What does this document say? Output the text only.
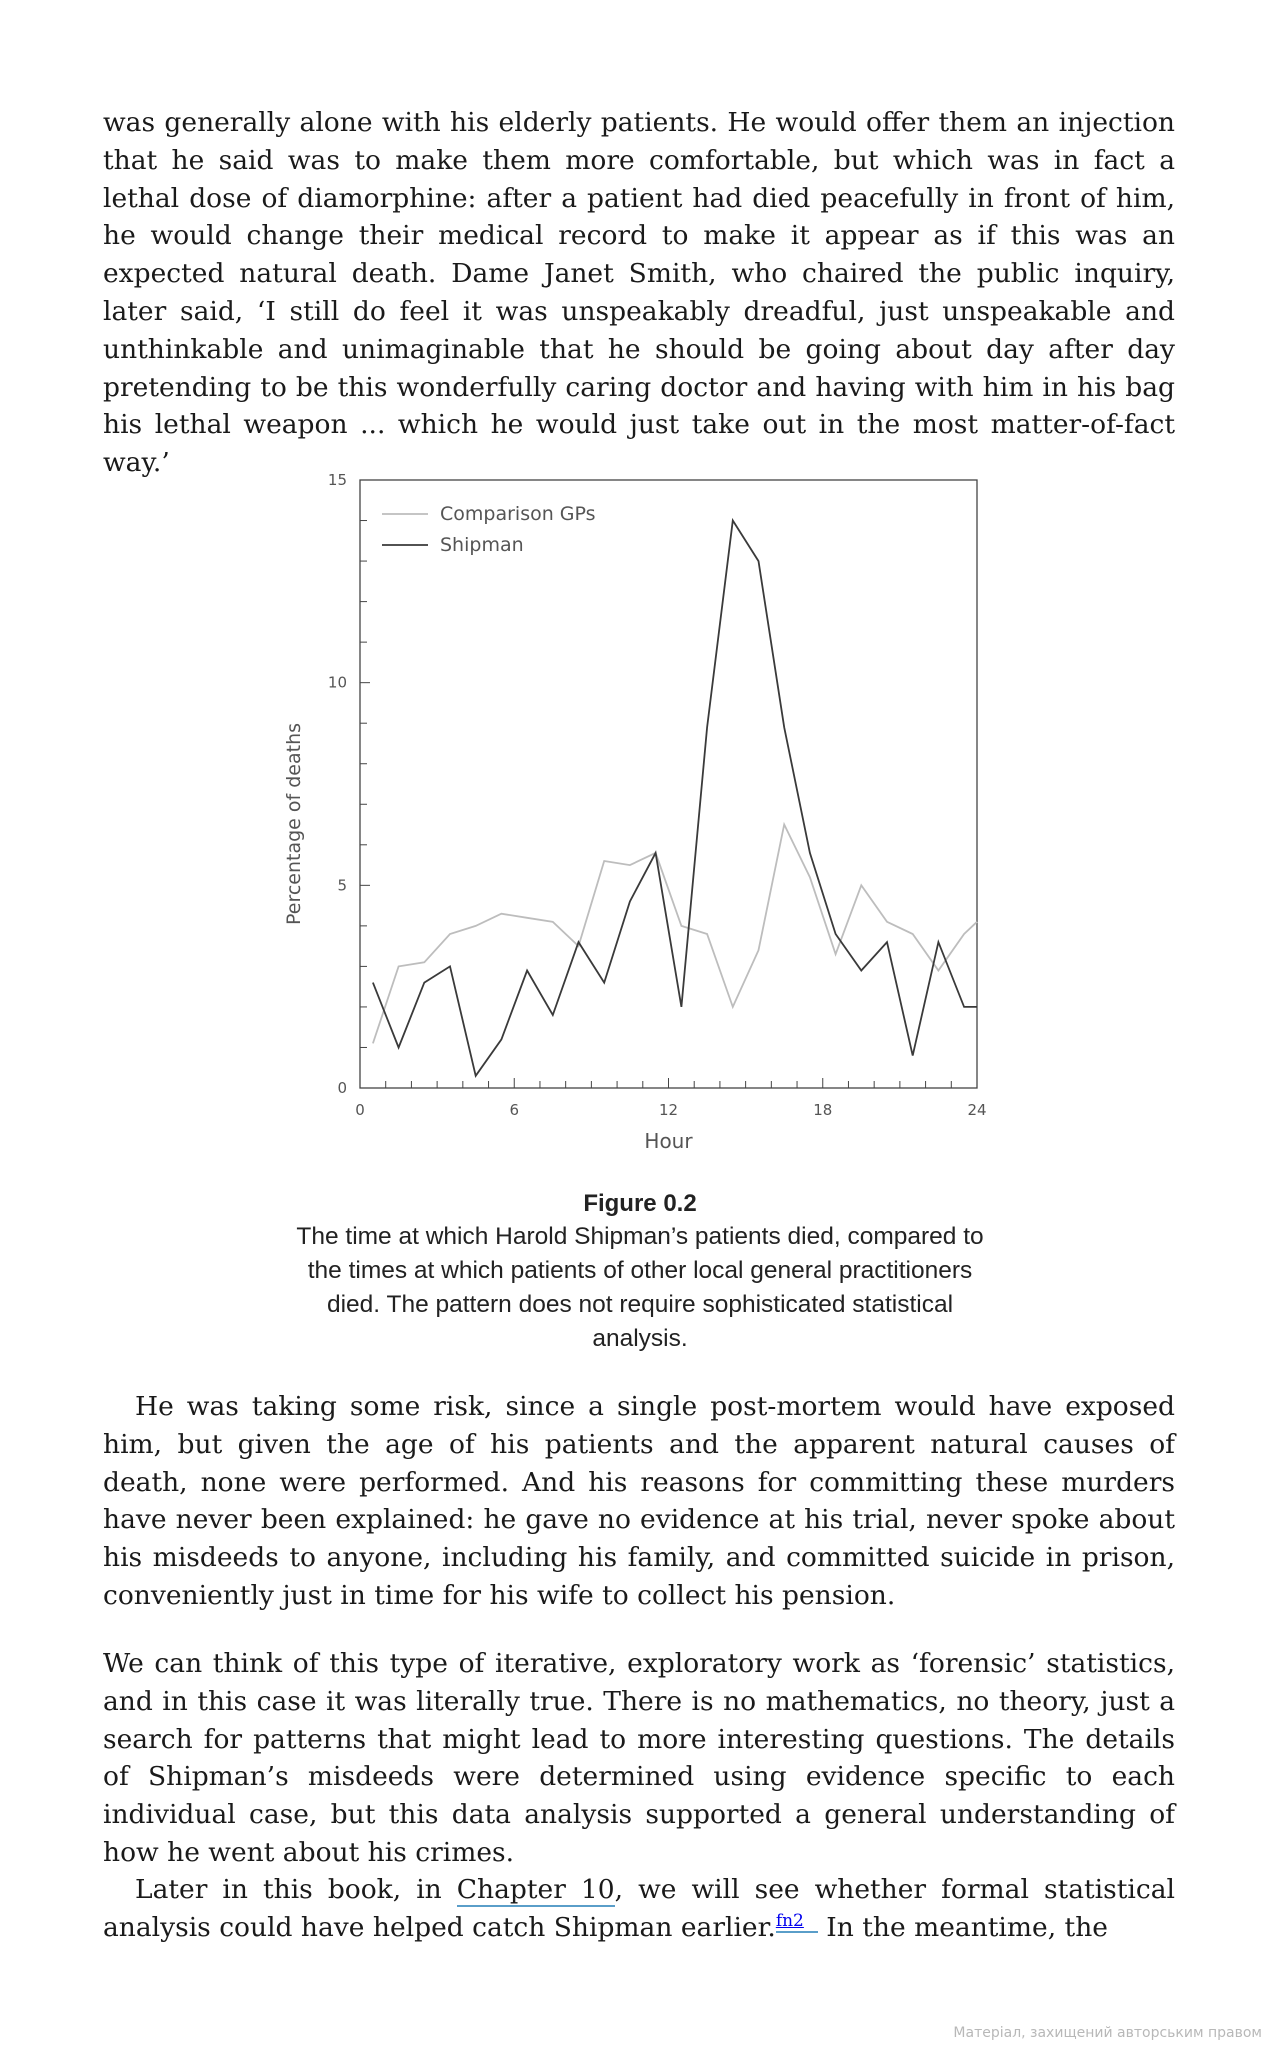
was generally alone with his elderly patients. He would offer them an injection that he said was to make them more comfortable, but which was in fact a lethal dose of diamorphine: after a patient had died peacefully in front of him, he would change their medical record to make it appear as if this was an expected natural death. Dame Janet Smith, who chaired the public inquiry, later said, ‘I still do feel it was unspeakably dreadful, just unspeakable and unthinkable and unimaginable that he should be going about day after day pretending to be this wonderfully caring doctor and having with him in his bag his lethal weapon ... which he would just take out in the most matter-of-fact way.’

0	6	12	18	24
0
5
10
15
Hour
Percentage of deaths
Comparison GPs
Shipman
Figure 0.2
The time at which Harold Shipman’s patients died, compared to the times at which patients of other local general practitioners died. The pattern does not require sophisticated statistical analysis.

He was taking some risk, since a single post-mortem would have exposed him, but given the age of his patients and the apparent natural causes of death, none were performed. And his reasons for committing these murders have never been explained: he gave no evidence at his trial, never spoke about his misdeeds to anyone, including his family, and committed suicide in prison, conveniently just in time for his wife to collect his pension.

We can think of this type of iterative, exploratory work as ‘forensic’ statistics, and in this case it was literally true. There is no mathematics, no theory, just a search for patterns that might lead to more interesting questions. The details of Shipman’s misdeeds were determined using evidence specific to each individual case, but this data analysis supported a general understanding of how he went about his crimes.

Later in this book, in Chapter 10, we will see whether formal statistical analysis could have helped catch Shipman earlier.$^{fn2}$ In the meantime, the

Матеріал, захищений авторським правом
